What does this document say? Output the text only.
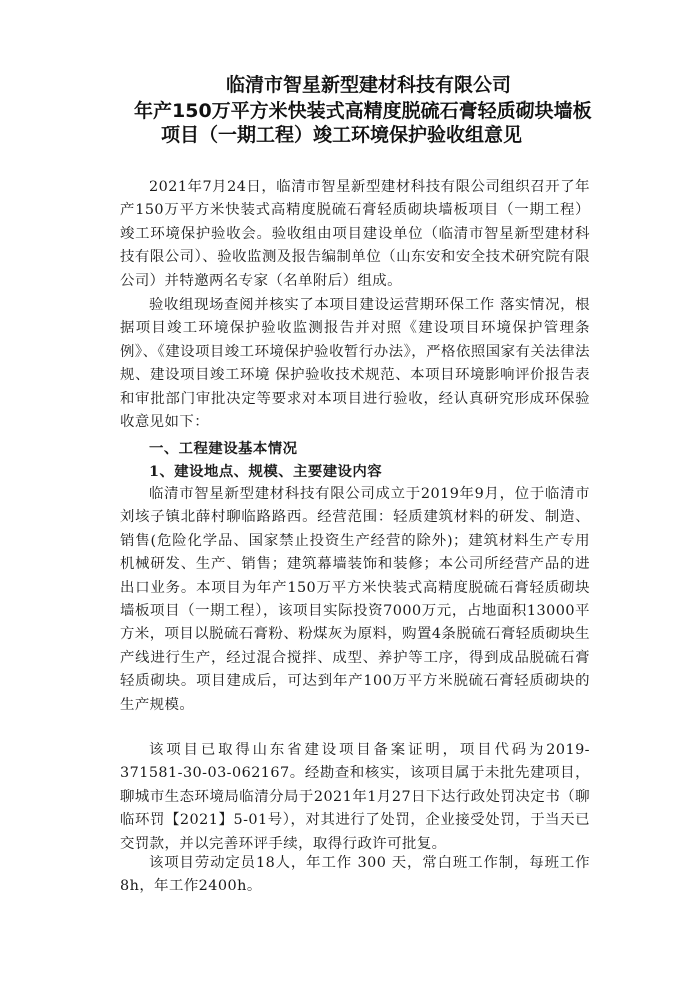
临清市智星新型建材科技有限公司
年产150万平方米快装式高精度脱硫石膏轻质砌块墙板
项目（一期工程）竣工环境保护验收组意见

2021年7月24日，临清市智星新型建材科技有限公司组织召开了年产150万平方米快装式高精度脱硫石膏轻质砌块墙板项目（一期工程）竣工环境保护验收会。验收组由项目建设单位（临清市智星新型建材科技有限公司）、验收监测及报告编制单位（山东安和安全技术研究院有限公司）并特邀两名专家（名单附后）组成。

验收组现场查阅并核实了本项目建设运营期环保工作 落实情况，根据项目竣工环境保护验收监测报告并对照《建设项目环境保护管理条例》、《建设项目竣工环境保护验收暂行办法》，严格依照国家有关法律法规、建设项目竣工环境 保护验收技术规范、本项目环境影响评价报告表和审批部门审批决定等要求对本项目进行验收，经认真研究形成环保验收意见如下：

一、工程建设基本情况

1、建设地点、规模、主要建设内容

临清市智星新型建材科技有限公司成立于2019年9月，位于临清市刘垓子镇北薛村聊临路路西。经营范围：轻质建筑材料的研发、制造、销售(危险化学品、国家禁止投资生产经营的除外)；建筑材料生产专用机械研发、生产、销售；建筑幕墙装饰和装修；本公司所经营产品的进出口业务。本项目为年产150万平方米快装式高精度脱硫石膏轻质砌块墙板项目（一期工程），该项目实际投资7000万元，占地面积13000平方米，项目以脱硫石膏粉、粉煤灰为原料，购置4条脱硫石膏轻质砌块生产线进行生产，经过混合搅拌、成型、养护等工序，得到成品脱硫石膏轻质砌块。项目建成后，可达到年产100万平方米脱硫石膏轻质砌块的生产规模。

该项目已取得山东省建设项目备案证明，项目代码为2019-371581-30-03-062167。经勘查和核实，该项目属于未批先建项目，聊城市生态环境局临清分局于2021年1月27日下达行政处罚决定书（聊临环罚【2021】5-01号），对其进行了处罚，企业接受处罚，于当天已交罚款，并以完善环评手续，取得行政许可批复。

该项目劳动定员18人，年工作 300 天，常白班工作制，每班工作8h，年工作2400h。
